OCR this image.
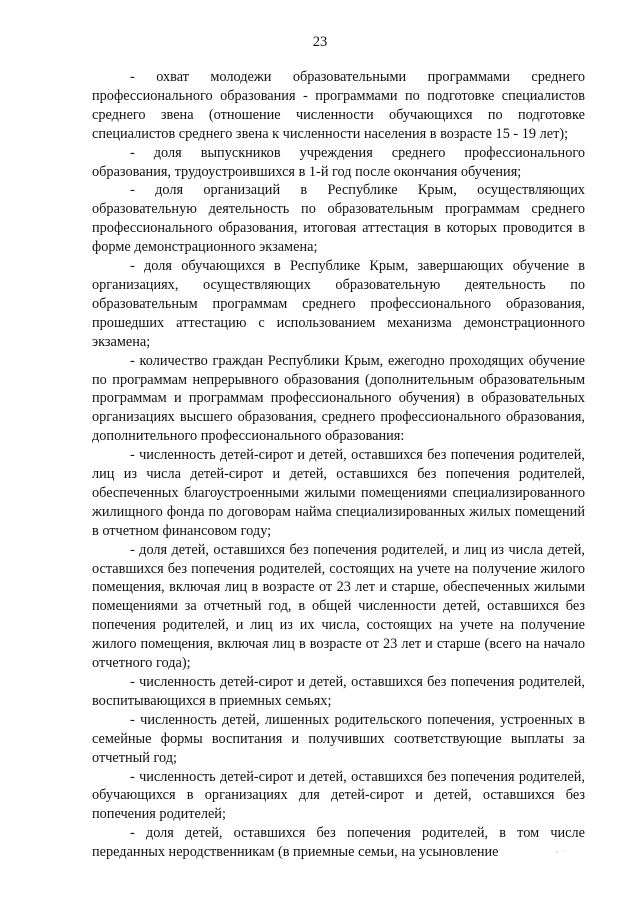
23

- охват молодежи образовательными программами среднего профессионального образования - программами по подготовке специалистов среднего звена (отношение численности обучающихся по подготовке специалистов среднего звена к численности населения в возрасте 15 - 19 лет);

- доля выпускников учреждения среднего профессионального образования, трудоустроившихся в 1-й год после окончания обучения;

- доля организаций в Республике Крым, осуществляющих образовательную деятельность по образовательным программам среднего профессионального образования, итоговая аттестация в которых проводится в форме демонстрационного экзамена;

- доля обучающихся в Республике Крым, завершающих обучение в организациях, осуществляющих образовательную деятельность по образовательным программам среднего профессионального образования, прошедших аттестацию с использованием механизма демонстрационного экзамена;

- количество граждан Республики Крым, ежегодно проходящих обучение по программам непрерывного образования (дополнительным образовательным программам и программам профессионального обучения) в образовательных организациях высшего образования, среднего профессионального образования, дополнительного профессионального образования:

- численность детей-сирот и детей, оставшихся без попечения родителей, лиц из числа детей-сирот и детей, оставшихся без попечения родителей, обеспеченных благоустроенными жилыми помещениями специализированного жилищного фонда по договорам найма специализированных жилых помещений в отчетном финансовом году;

- доля детей, оставшихся без попечения родителей, и лиц из числа детей, оставшихся без попечения родителей, состоящих на учете на получение жилого помещения, включая лиц в возрасте от 23 лет и старше, обеспеченных жилыми помещениями за отчетный год, в общей численности детей, оставшихся без попечения родителей, и лиц из их числа, состоящих на учете на получение жилого помещения, включая лиц в возрасте от 23 лет и старше (всего на начало отчетного года);

- численность детей-сирот и детей, оставшихся без попечения родителей, воспитывающихся в приемных семьях;

- численность детей, лишенных родительского попечения, устроенных в семейные формы воспитания и получивших соответствующие выплаты за отчетный год;

- численность детей-сирот и детей, оставшихся без попечения родителей, обучающихся в организациях для детей-сирот и детей, оставшихся без попечения родителей;

- доля детей, оставшихся без попечения родителей, в том числе переданных неродственникам (в приемные семьи, на усыновление
